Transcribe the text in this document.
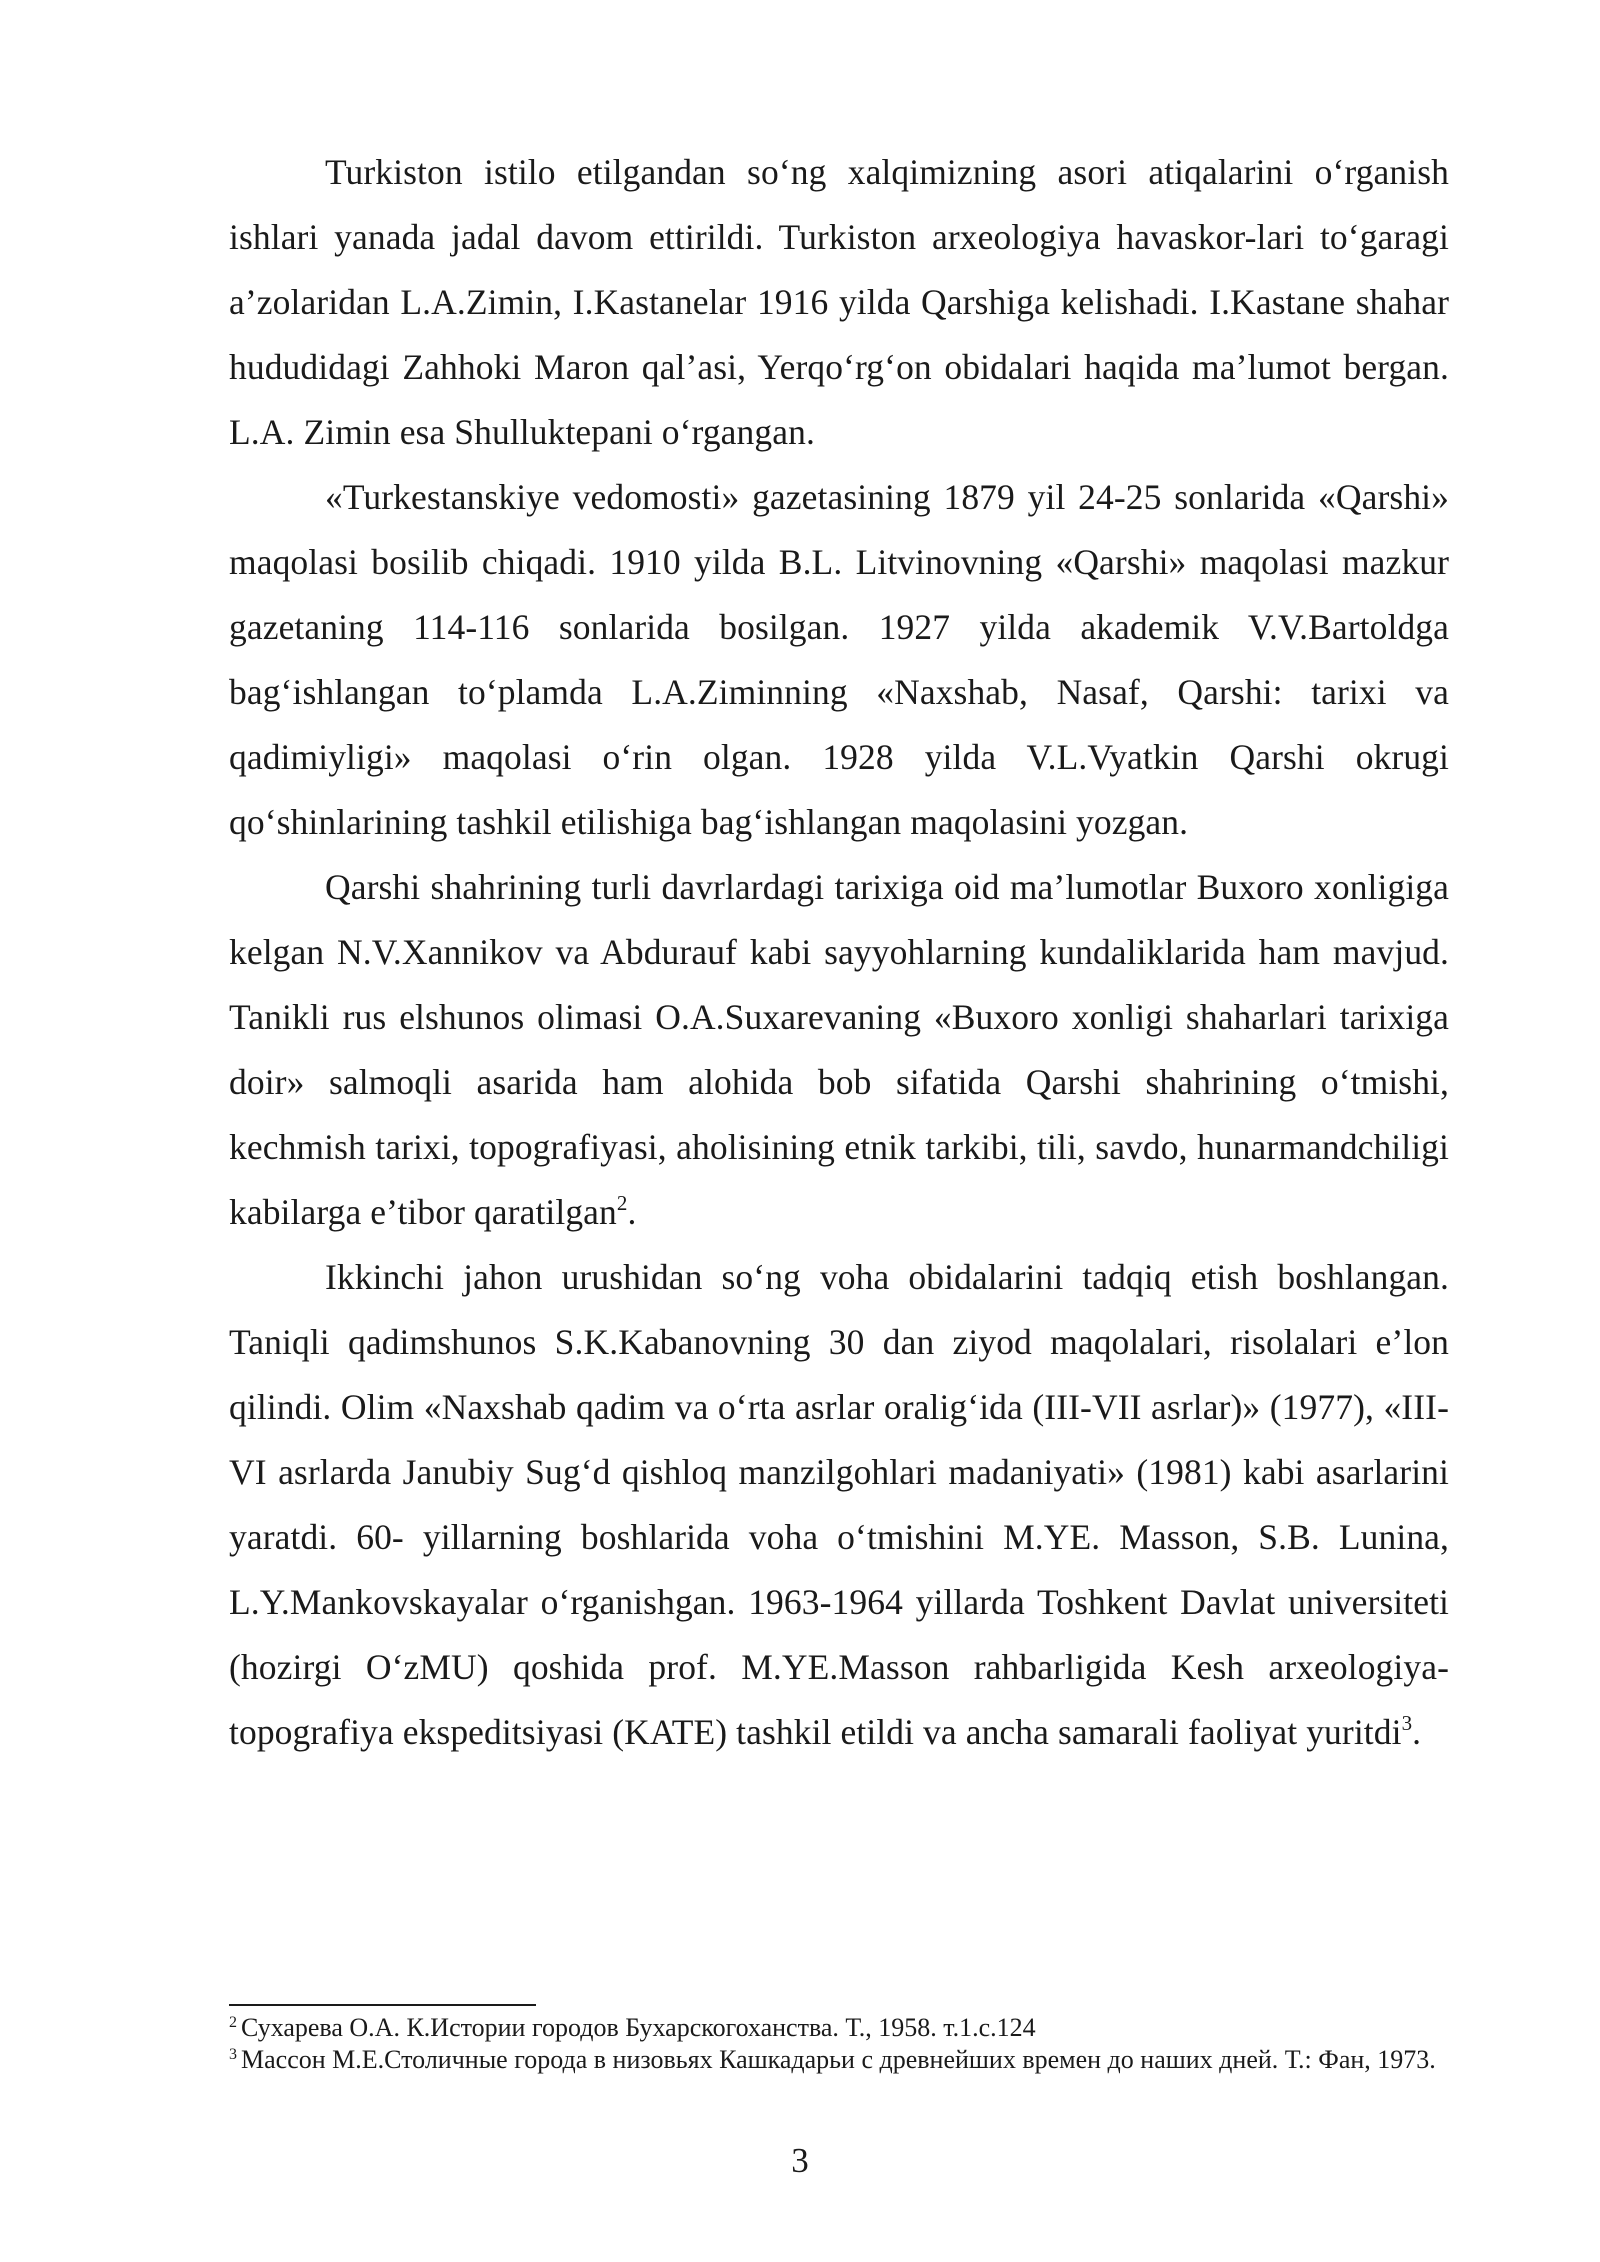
Turkiston istilo etilgandan so‘ng xalqimizning asori atiqalarini o‘rganish ishlari yanada jadal davom ettirildi. Turkiston arxeologiya havaskor-lari to‘garagi a’zolaridan L.A.Zimin, I.Kastanelar 1916 yilda Qarshiga kelishadi. I.Kastane shahar hududidagi Zahhoki Maron qal’asi, Yerqo‘rg‘on obidalari haqida ma’lumot bergan. L.A. Zimin esa Shulluktepani o‘rgangan.

«Turkestanskiye vedomosti» gazetasining 1879 yil 24-25 sonlarida «Qarshi» maqolasi bosilib chiqadi. 1910 yilda B.L. Litvinovning «Qarshi» maqolasi mazkur gazetaning 114-116 sonlarida bosilgan. 1927 yilda akademik V.V.Bartoldga bag‘ishlangan to‘plamda L.A.Ziminning «Naxshab, Nasaf, Qarshi: tarixi va qadimiyligi» maqolasi o‘rin olgan. 1928 yilda V.L.Vyatkin Qarshi okrugi qo‘shinlarining tashkil etilishiga bag‘ishlangan maqolasini yozgan.

Qarshi shahrining turli davrlardagi tarixiga oid ma’lumotlar Buxoro xonligiga kelgan N.V.Xannikov va Abdurauf kabi sayyohlarning kundaliklarida ham mavjud. Tanikli rus elshunos olimasi O.A.Suxarevaning «Buxoro xonligi shaharlari tarixiga doir» salmoqli asarida ham alohida bob sifatida Qarshi shahrining o‘tmishi, kechmish tarixi, topografiyasi, aholisining etnik tarkibi, tili, savdo, hunarmandchiligi kabilarga e’tibor qaratilgan$^2$.

Ikkinchi jahon urushidan so‘ng voha obidalarini tadqiq etish boshlangan. Taniqli qadimshunos S.K.Kabanovning 30 dan ziyod maqolalari, risolalari e’lon qilindi. Olim «Naxshab qadim va o‘rta asrlar oralig‘ida (III-VII asrlar)» (1977), «III-VI asrlarda Janubiy Sug‘d qishloq manzilgohlari madaniyati» (1981) kabi asarlarini yaratdi. 60- yillarning boshlarida voha o‘tmishini M.YE. Masson, S.B. Lunina, L.Y.Mankovskayalar o‘rganishgan. 1963-1964 yillarda Toshkent Davlat universiteti (hozirgi O‘zMU) qoshida prof. M.YE.Masson rahbarligida Kesh arxeologiya-topografiya ekspeditsiyasi (KATE) tashkil etildi va ancha samarali faoliyat yuritdi$^3$.

$^2$ Сухарева О.А. К.Истории городов Бухарскогоханства. Т., 1958. т.1.с.124

$^3$ Массон М.Е.Столичные города в низовьях Кашкадарьи с древнейших времен до наших дней. Т.: Фан, 1973.

3
